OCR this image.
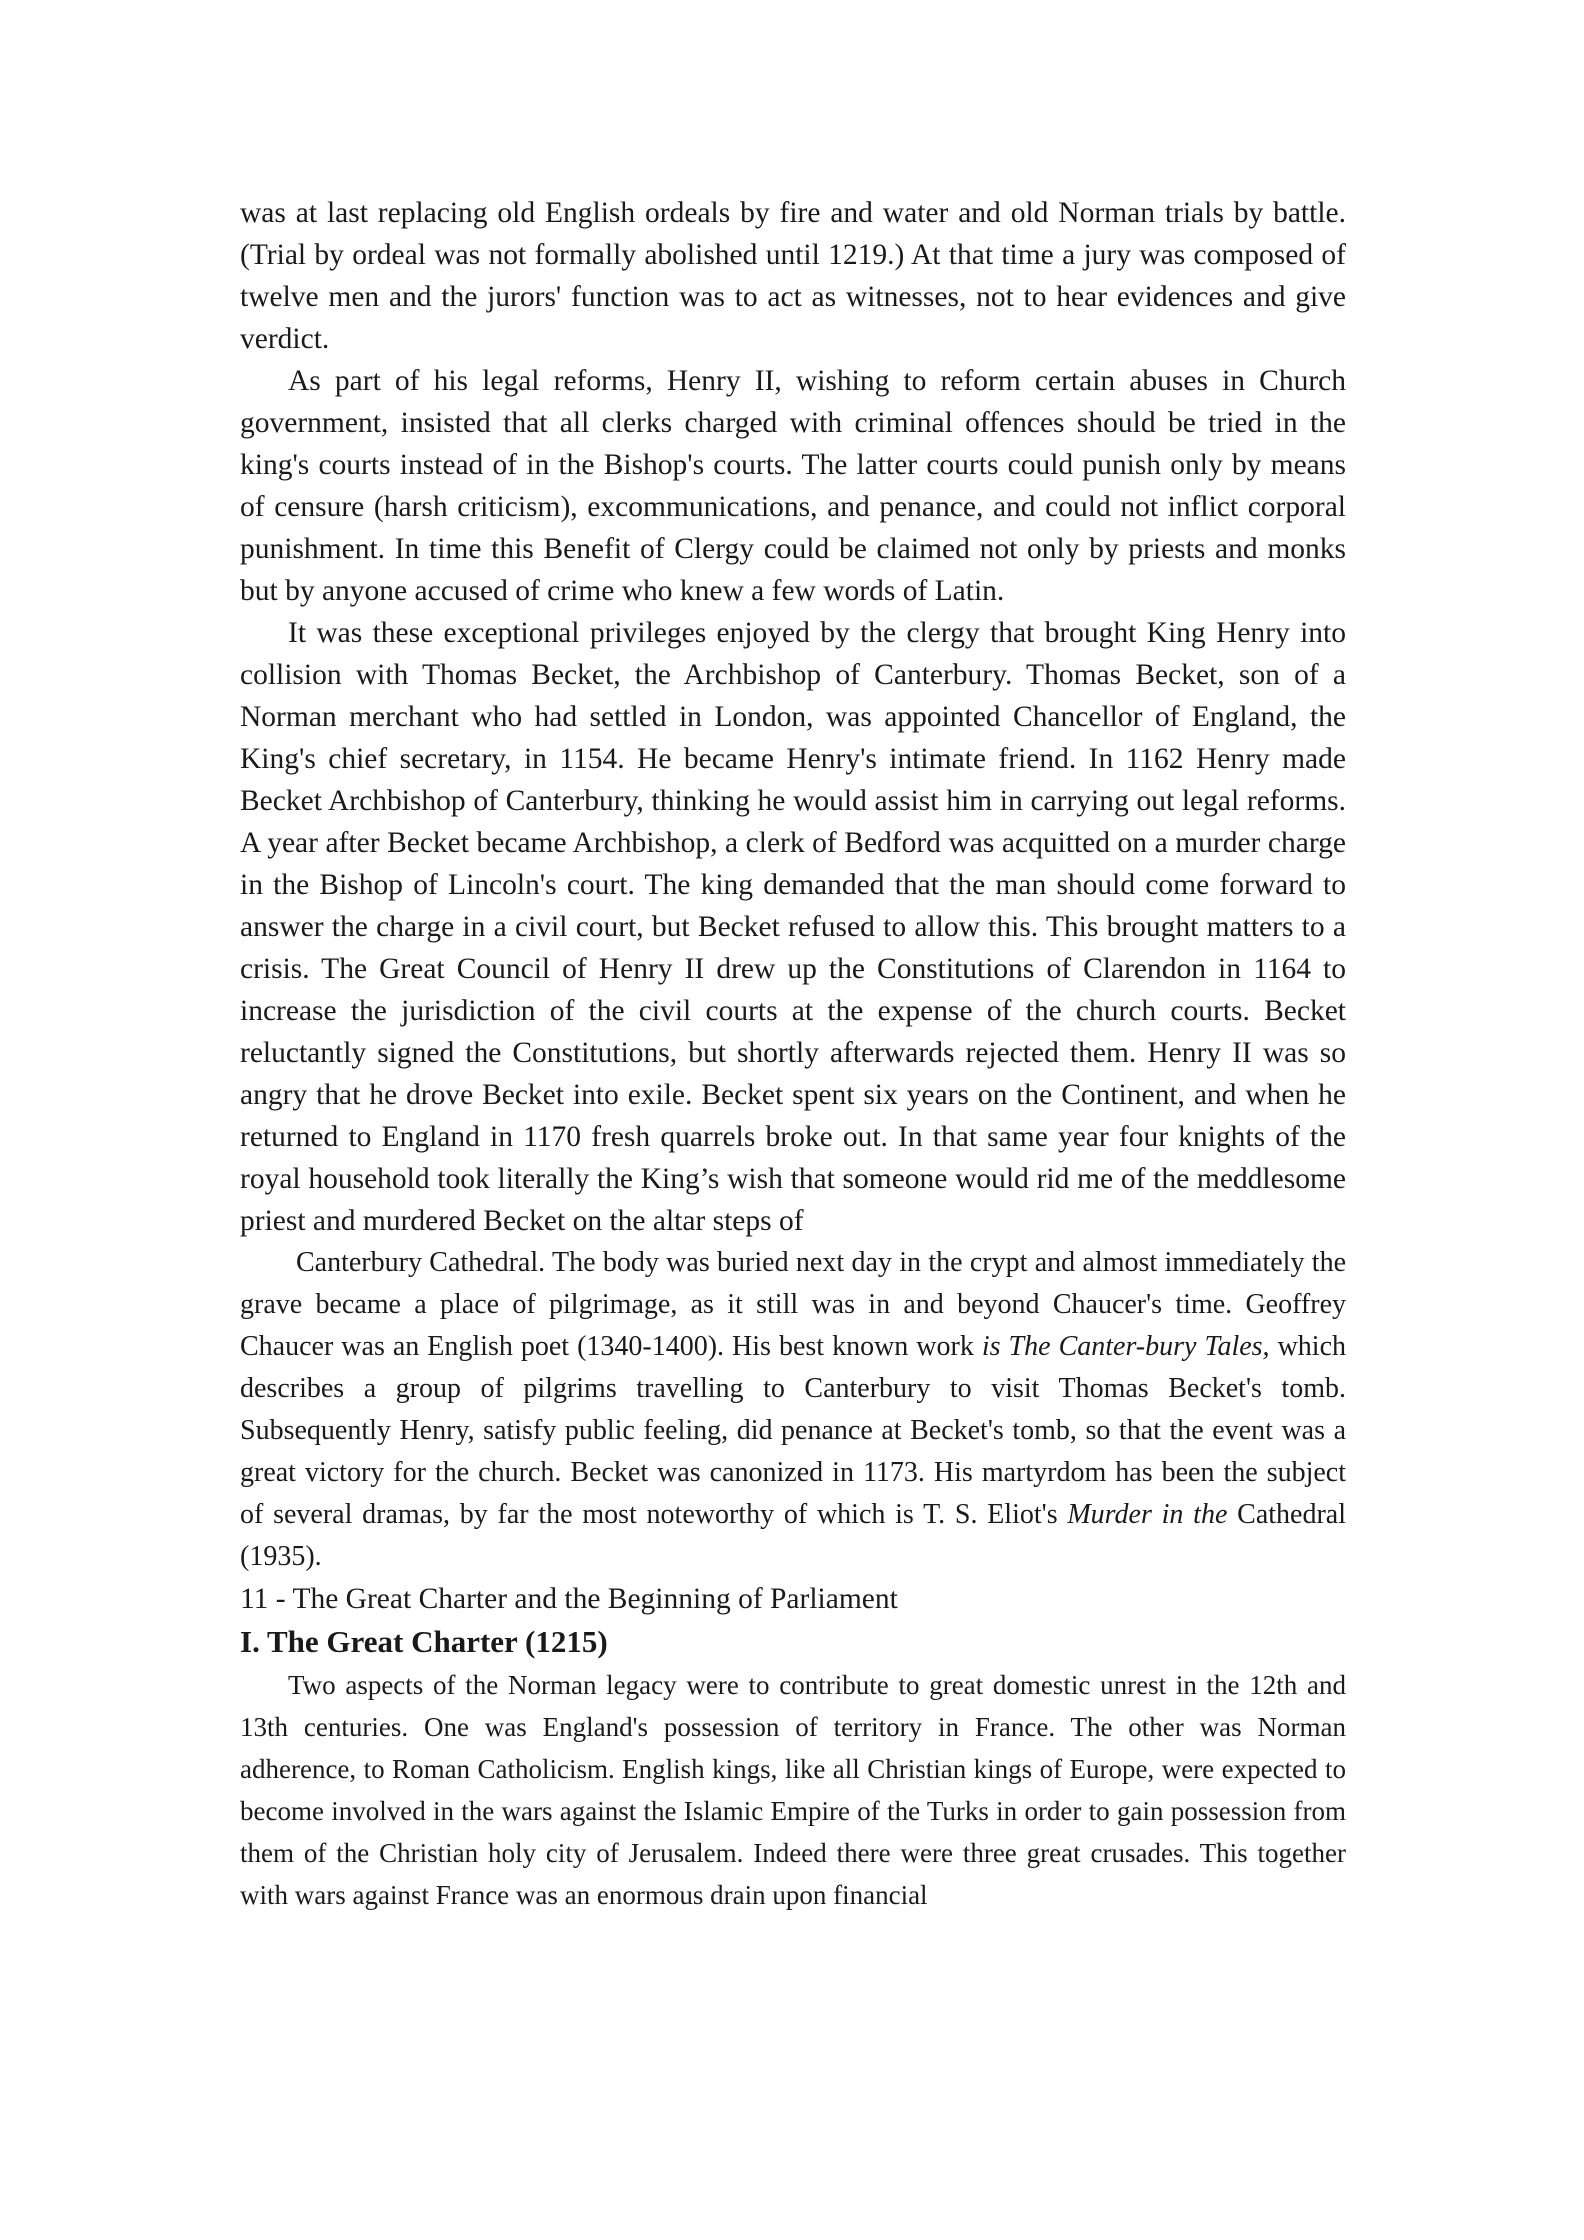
was at last replacing old English ordeals by fire and water and old Norman trials by battle. (Trial by ordeal was not formally abolished until 1219.) At that time a jury was composed of twelve men and the jurors' function was to act as witnesses, not to hear evidences and give verdict.

As part of his legal reforms, Henry II, wishing to reform certain abuses in Church government, insisted that all clerks charged with criminal offences should be tried in the king's courts instead of in the Bishop's courts. The latter courts could punish only by means of censure (harsh criticism), excommunications, and penance, and could not inflict corporal punishment. In time this Benefit of Clergy could be claimed not only by priests and monks but by anyone accused of crime who knew a few words of Latin.

It was these exceptional privileges enjoyed by the clergy that brought King Henry into collision with Thomas Becket, the Archbishop of Canterbury. Thomas Becket, son of a Norman merchant who had settled in London, was appointed Chancellor of England, the King's chief secretary, in 1154. He became Henry's intimate friend. In 1162 Henry made Becket Archbishop of Canterbury, thinking he would assist him in carrying out legal reforms. A year after Becket became Archbishop, a clerk of Bedford was acquitted on a murder charge in the Bishop of Lincoln's court. The king demanded that the man should come forward to answer the charge in a civil court, but Becket refused to allow this. This brought matters to a crisis. The Great Council of Henry II drew up the Constitutions of Clarendon in 1164 to increase the jurisdiction of the civil courts at the expense of the church courts. Becket reluctantly signed the Constitutions, but shortly afterwards rejected them. Henry II was so angry that he drove Becket into exile. Becket spent six years on the Continent, and when he returned to England in 1170 fresh quarrels broke out. In that same year four knights of the royal household took literally the King’s wish that someone would rid me of the meddlesome priest and murdered Becket on the altar steps of

Canterbury Cathedral. The body was buried next day in the crypt and almost immediately the grave became a place of pilgrimage, as it still was in and beyond Chaucer's time. Geoffrey Chaucer was an English poet (1340-1400). His best known work is The Canter-bury Tales, which describes a group of pilgrims travelling to Canterbury to visit Thomas Becket's tomb. Subsequently Henry, satisfy public feeling, did penance at Becket's tomb, so that the event was a great victory for the church. Becket was canonized in 1173. His martyrdom has been the subject of several dramas, by far the most noteworthy of which is T. S. Eliot's Murder in the Cathedral (1935).

11 - The Great Charter and the Beginning of Parliament

I. The Great Charter (1215)

Two aspects of the Norman legacy were to contribute to great domestic unrest in the 12th and 13th centuries. One was England's possession of territory in France. The other was Norman adherence, to Roman Catholicism. English kings, like all Christian kings of Europe, were expected to become involved in the wars against the Islamic Empire of the Turks in order to gain possession from them of the Christian holy city of Jerusalem. Indeed there were three great crusades. This together with wars against France was an enormous drain upon financial
